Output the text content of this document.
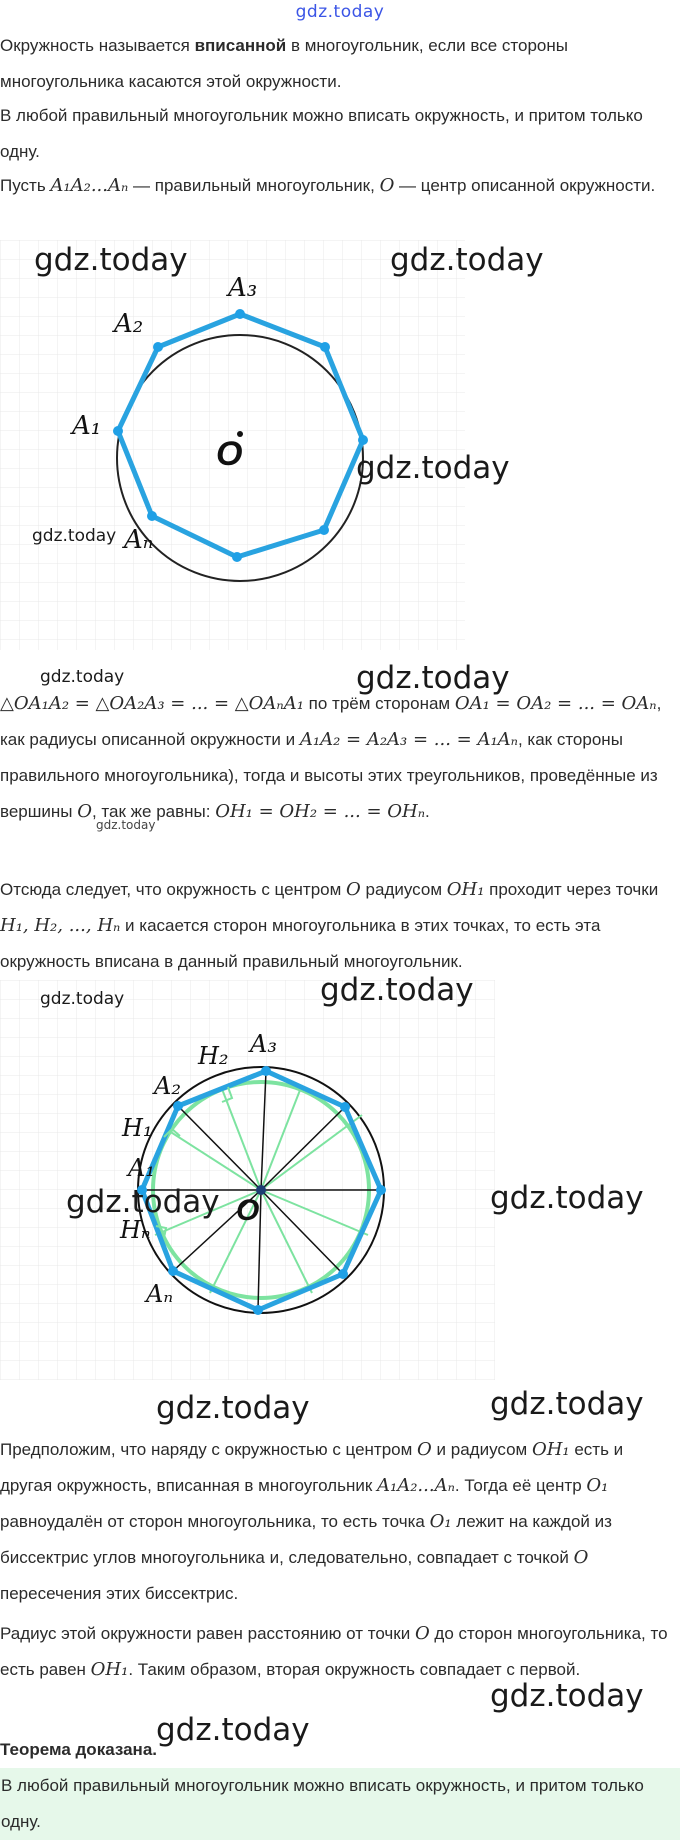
gdz.today

Окружность называется вписанной в многоугольник, если все стороны многоугольника касаются этой окружности.

В любой правильный многоугольник можно вписать окружность, и притом только одну.

Пусть A₁A₂...Aₙ — правильный многоугольник, O — центр описанной окружности.

A₁
A₂
A₃
Aₙ
O
gdz.today	gdz.today
gdz.today
gdz.today
gdz.today	gdz.today

△OA₁A₂ = △OA₂A₃ = ... = △OAₙA₁ по трём сторонам OA₁ = OA₂ = ... = OAₙ, как радиусы описанной окружности и A₁A₂ = A₂A₃ = ... = A₁Aₙ, как стороны правильного многоугольника), тогда и высоты этих треугольников, проведённые из вершины O, так же равны: OH₁ = OH₂ = ... = OHₙ.

gdz.today

Отсюда следует, что окружность с центром O радиусом OH₁ проходит через точки H₁, H₂, ..., Hₙ и касается сторон многоугольника в этих точках, то есть эта окружность вписана в данный правильный многоугольник.

A₁
A₂
A₃
Aₙ
H₁
H₂
Hₙ
O
gdz.today	gdz.today
gdz.today	gdz.today
gdz.today	gdz.today

Предположим, что наряду с окружностью с центром O и радиусом OH₁ есть и другая окружность, вписанная в многоугольник A₁A₂...Aₙ. Тогда её центр O₁ равноудалён от сторон многоугольника, то есть точка O₁ лежит на каждой из биссектрис углов многоугольника и, следовательно, совпадает с точкой O пересечения этих биссектрис.

Радиус этой окружности равен расстоянию от точки O до сторон многоугольника, то есть равен OH₁. Таким образом, вторая окружность совпадает с первой.

gdz.today
gdz.today

Теорема доказана.

В любой правильный многоугольник можно вписать окружность, и притом только одну.
